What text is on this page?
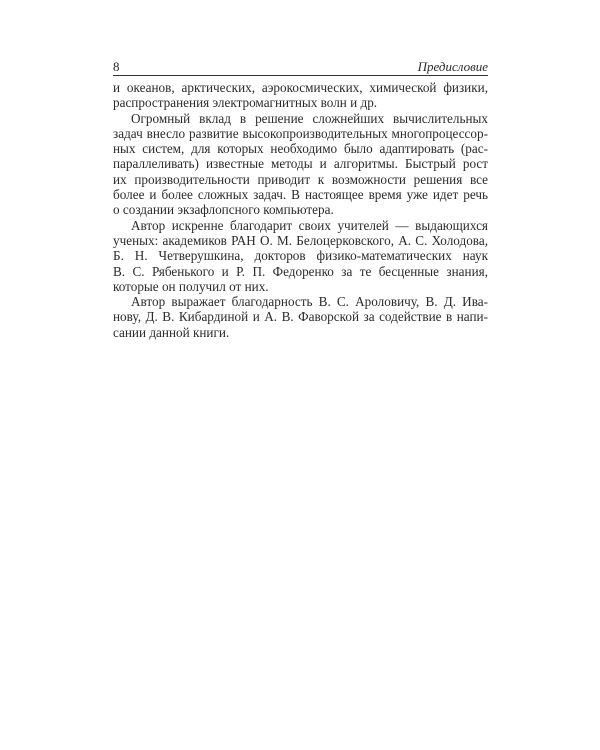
8	Предисловие
и океанов, арктических, аэрокосмических, химической физики,
распространения электромагнитных волн и др.
Огромный вклад в решение сложнейших вычислительных
задач внесло развитие высокопроизводительных многопроцессор-
ных систем, для которых необходимо было адаптировать (рас-
параллеливать) известные методы и алгоритмы. Быстрый рост
их производительности приводит к возможности решения все
более и более сложных задач. В настоящее время уже идет речь
о создании экзафлопсного компьютера.
Автор искренне благодарит своих учителей — выдающихся
ученых: академиков РАН О. М. Белоцерковского, А. С. Холодова,
Б. Н. Четверушкина, докторов физико-математических наук
В. С. Рябенького и Р. П. Федоренко за те бесценные знания,
которые он получил от них.
Автор выражает благодарность В. С. Ароловичу, В. Д. Ива-
нову, Д. В. Кибардиной и А. В. Фаворской за содействие в напи-
сании данной книги.
